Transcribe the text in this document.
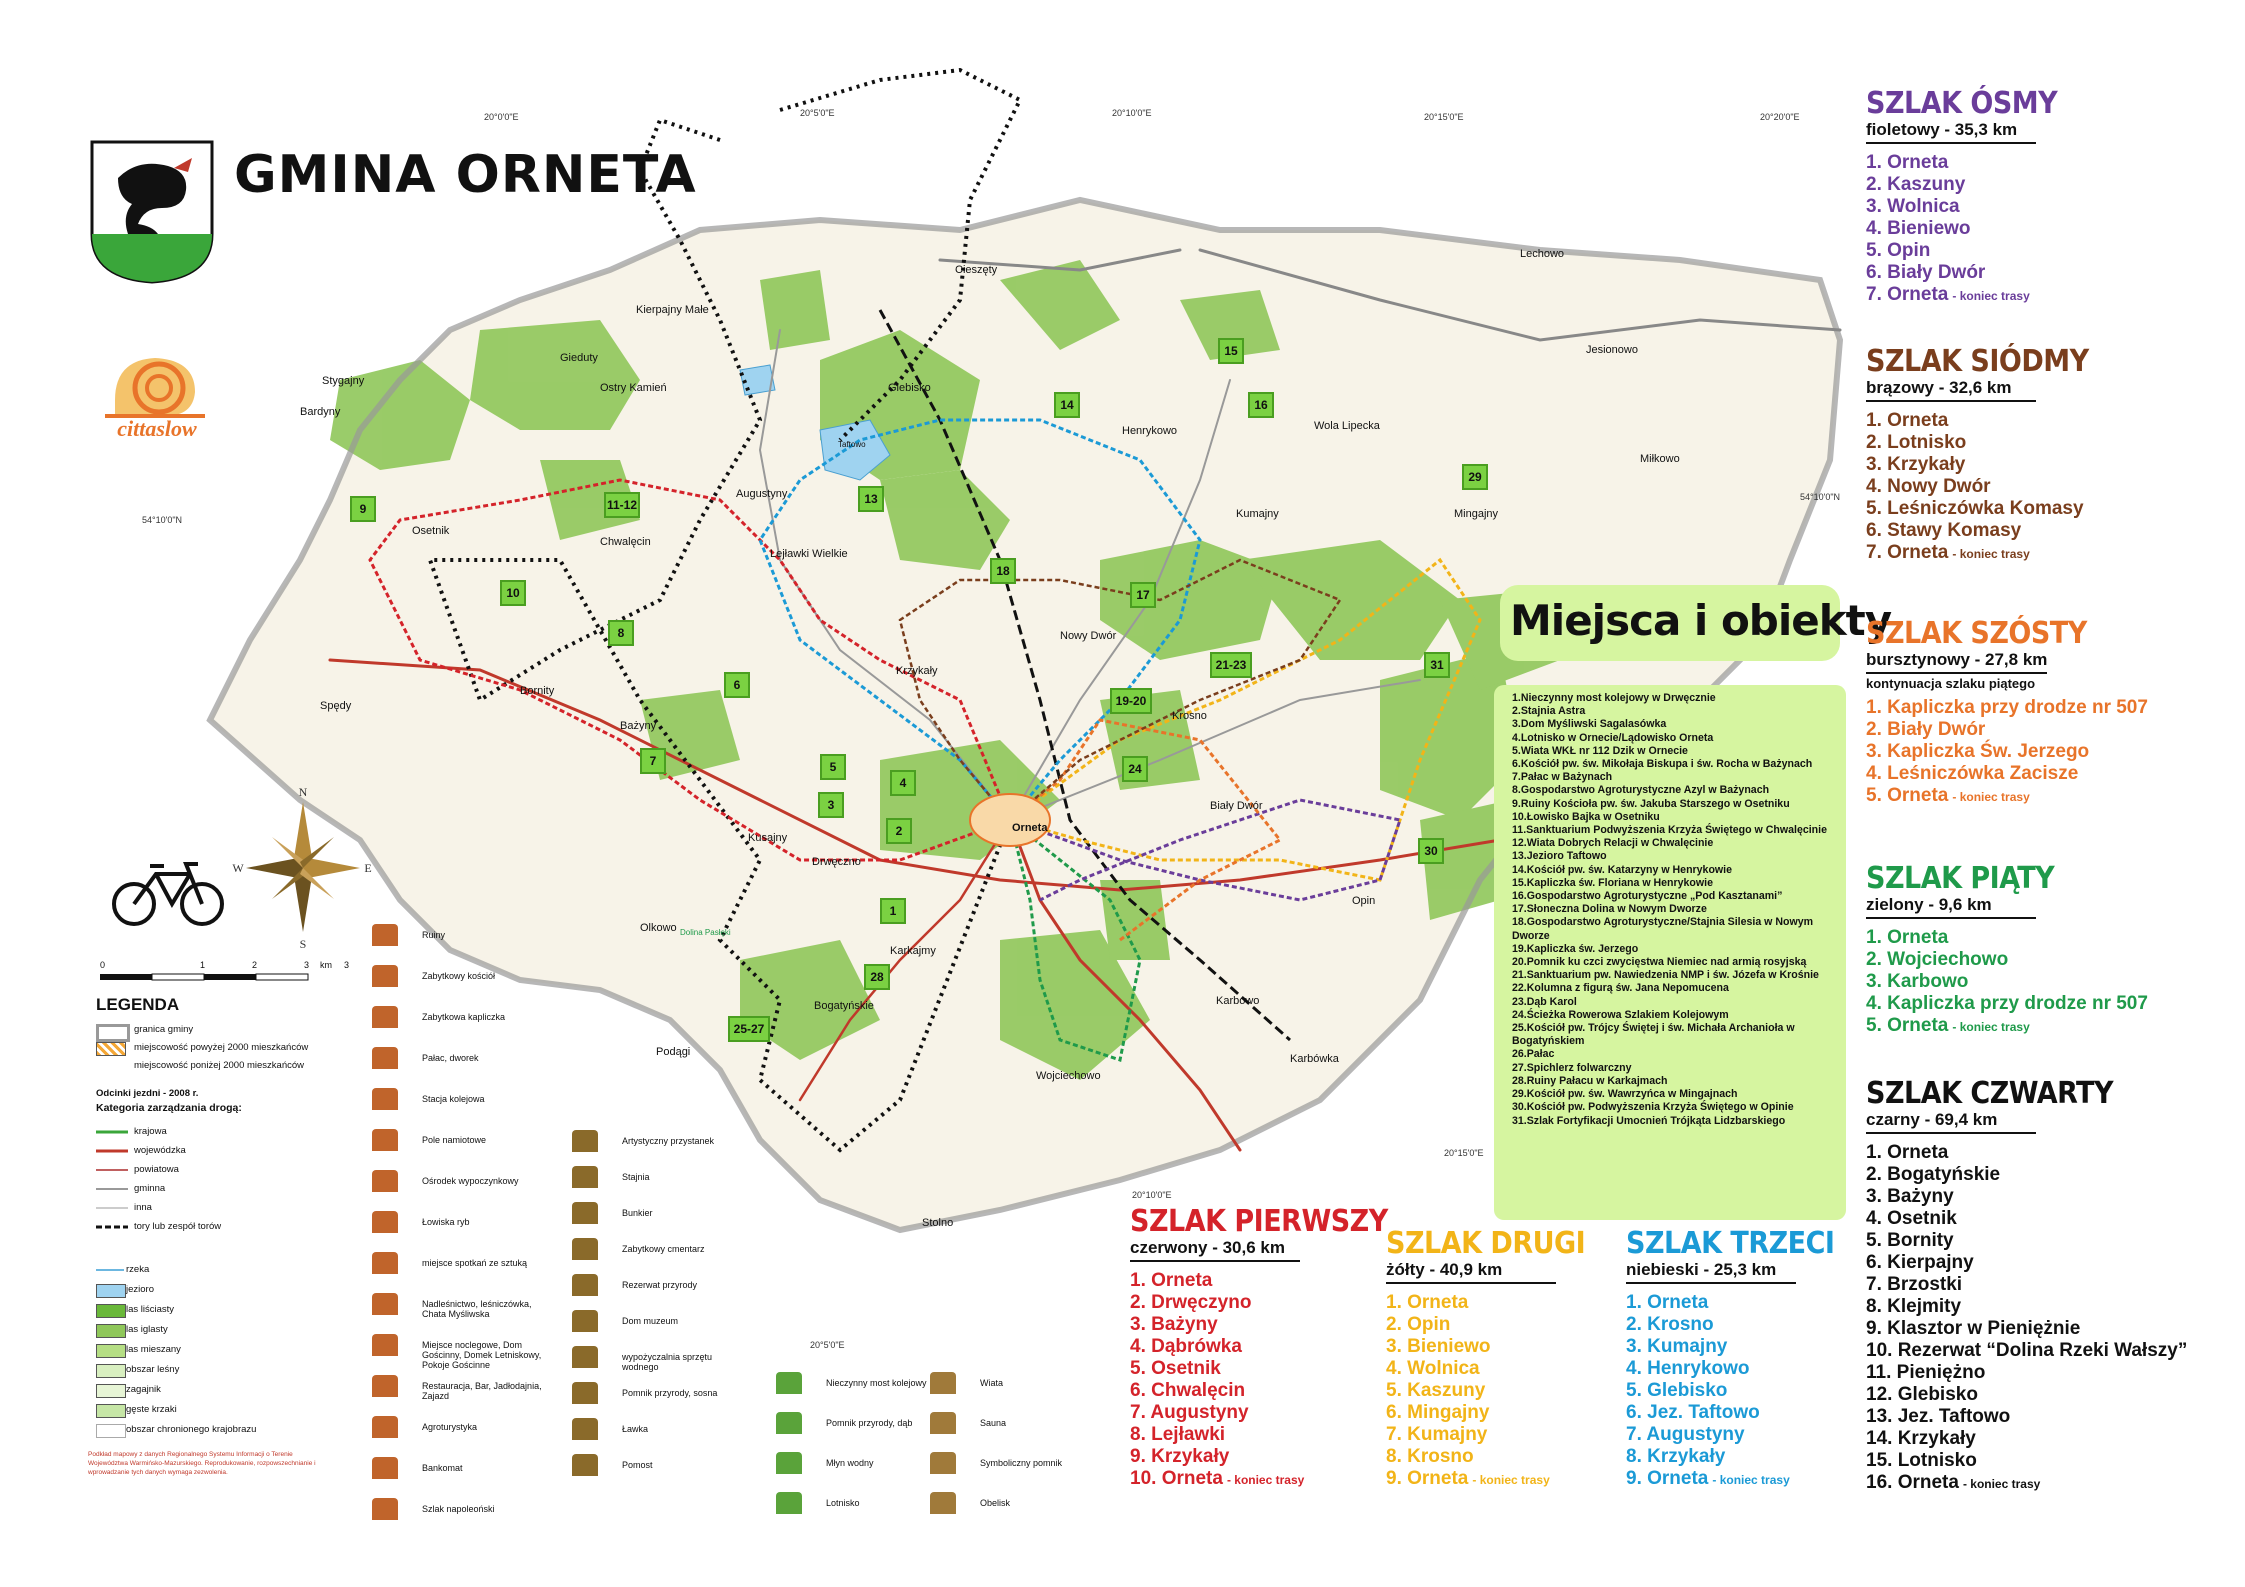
GMINA ORNETA
cittaslow
Stygajny
Bardyny
Gieduty
Ostry Kamień
Kierpajny Małe
Glebisko
Cieszęty
Lechowo
Jesionowo
Henrykowo	Wola Lipecka
Miłkowo
Augustyny
Osetnik
Chwalęcin
Lejławki Wielkie
Kumajny	Mingajny
Nowy Dwór
Krzykały
Bornity
Bażyny
Spędy
Krosno
Kusajny
Drwęczno
Orneta
Biały Dwór
Opin
Olkowo
Karkajmy
Bogatyńskie	Karbowo
Podągi
Wojciechowo
Karbówka
Stolno
Taftowo
Dolina Pasłęki
20°0'0"E	20°5'0"E	20°10'0"E	20°15'0"E	20°20'0"E
54°10'0"N
54°10'0"N
20°5'0"E
20°10'0"E
20°15'0"E
9	11-12
10
8
7
6
5
3
2
1
4
13
14
15
16
17
18
19-20
21-23
24
25-27
28
29
30
31
Miejsca i obiekty
1.Nieczynny most kolejowy w Drwęcznie
2.Stajnia Astra
3.Dom Myśliwski Sagalasówka
4.Lotnisko w Ornecie/Lądowisko Orneta
5.Wiata WKŁ nr 112 Dzik w Ornecie
6.Kościół pw. św. Mikołaja Biskupa i św. Rocha w Bażynach
7.Pałac w Bażynach
8.Gospodarstwo Agroturystyczne Azyl w Bażynach
9.Ruiny Kościoła pw. św. Jakuba Starszego w Osetniku
10.Łowisko Bajka w Osetniku
11.Sanktuarium Podwyższenia Krzyża Świętego w Chwalęcinie
12.Wiata Dobrych Relacji w Chwalęcinie
13.Jezioro Taftowo
14.Kościół pw. św. Katarzyny w Henrykowie
15.Kapliczka św. Floriana w Henrykowie
16.Gospodarstwo Agroturystyczne „Pod Kasztanami”
17.Słoneczna Dolina w Nowym Dworze
18.Gospodarstwo Agroturystyczne/Stajnia Silesia w Nowym Dworze
19.Kapliczka św. Jerzego
20.Pomnik ku czci zwycięstwa Niemiec nad armią rosyjską
21.Sanktuarium pw. Nawiedzenia NMP i św. Józefa w Krośnie
22.Kolumna z figurą św. Jana Nepomucena
23.Dąb Karol
24.Ścieżka Rowerowa Szlakiem Kolejowym
25.Kościół pw. Trójcy Świętej i św. Michała Archanioła w Bogatyńskiem
26.Pałac
27.Spichlerz folwarczny
28.Ruiny Pałacu w Karkajmach
29.Kościół pw. św. Wawrzyńca w Mingajnach
30.Kościół pw. Podwyższenia Krzyża Świętego w Opinie
31.Szlak Fortyfikacji Umocnień Trójkąta Lidzbarskiego
SZLAK ÓSMY
fioletowy - 35,3 km
1. Orneta
2. Kaszuny
3. Wolnica
4. Bieniewo
5. Opin
6. Biały Dwór
7. Orneta - koniec trasy
SZLAK SIÓDMY
brązowy - 32,6 km
1. Orneta
2. Lotnisko
3. Krzykały
4. Nowy Dwór
5. Leśniczówka Komasy
6. Stawy Komasy
7. Orneta - koniec trasy
SZLAK SZÓSTY
bursztynowy - 27,8 km
kontynuacja szlaku piątego
1. Kapliczka przy drodze nr 507
2. Biały Dwór
3. Kapliczka Św. Jerzego
4. Leśniczówka Zacisze
5. Orneta - koniec trasy
SZLAK PIĄTY
zielony - 9,6 km
1. Orneta
2. Wojciechowo
3. Karbowo
4. Kapliczka przy drodze nr 507
5. Orneta - koniec trasy
SZLAK CZWARTY
czarny - 69,4 km
1. Orneta
2. Bogatyńskie
3. Bażyny
4. Osetnik
5. Bornity
6. Kierpajny
7. Brzostki
8. Klejmity
9. Klasztor w Pieniężnie
10. Rezerwat “Dolina Rzeki Wałszy”
11. Pieniężno
12. Glebisko
13. Jez. Taftowo
14. Krzykały
15. Lotnisko
16. Orneta - koniec trasy
SZLAK PIERWSZY
czerwony - 30,6 km
1. Orneta
2. Drwęczyno
3. Bażyny
4. Dąbrówka
5. Osetnik
6. Chwalęcin
7. Augustyny
8. Lejławki
9. Krzykały
10. Orneta - koniec trasy
SZLAK DRUGI
żółty - 40,9 km
1. Orneta
2. Opin
3. Bieniewo
4. Wolnica
5. Kaszuny
6. Mingajny
7. Kumajny
8. Krosno
9. Orneta - koniec trasy
SZLAK TRZECI
niebieski - 25,3 km
1. Orneta
2. Krosno
3. Kumajny
4. Henrykowo
5. Glebisko
6. Jez. Taftowo
7. Augustyny
8. Krzykały
9. Orneta - koniec trasy
N
E
S
W
0	1	2	3	3
km
LEGENDA
granica gminy
miejscowość powyżej 2000 mieszkańców
miejscowość poniżej 2000 mieszkańców
Odcinki jezdni - 2008 r.
Kategoria zarządzania drogą:
krajowa
wojewódzka
powiatowa
gminna
inna
tory lub zespół torów
rzeka
jezioro
las liściasty
las iglasty
las mieszany
obszar leśny
zagajnik
gęste krzaki
obszar chronionego krajobrazu
Podkład mapowy z danych Regionalnego Systemu Informacji o Terenie Województwa Warmińsko-Mazurskiego. Reprodukowanie, rozpowszechnianie i wprowadzanie tych danych wymaga zezwolenia.
Ruiny
Zabytkowy kościół
Zabytkowa kapliczka
Pałac, dworek
Stacja kolejowa
Pole namiotowe
Ośrodek wypoczynkowy
Łowiska ryb
miejsce spotkań ze sztuką
Nadleśnictwo, leśniczówka, Chata Myśliwska
Miejsce noclegowe, Dom Gościnny, Domek Letniskowy, Pokoje Gościnne
Restauracja, Bar, Jadłodajnia, Zajazd
Agroturystyka
Bankomat
Szlak napoleoński
Artystyczny przystanek
Stajnia
Bunkier
Zabytkowy cmentarz
Rezerwat przyrody
Dom muzeum
wypożyczalnia sprzętu wodnego
Pomnik przyrody, sosna
Ławka
Pomost
Nieczynny most kolejowy
Pomnik przyrody, dąb
Młyn wodny
Lotnisko
Wiata
Sauna
Symboliczny pomnik
Obelisk
